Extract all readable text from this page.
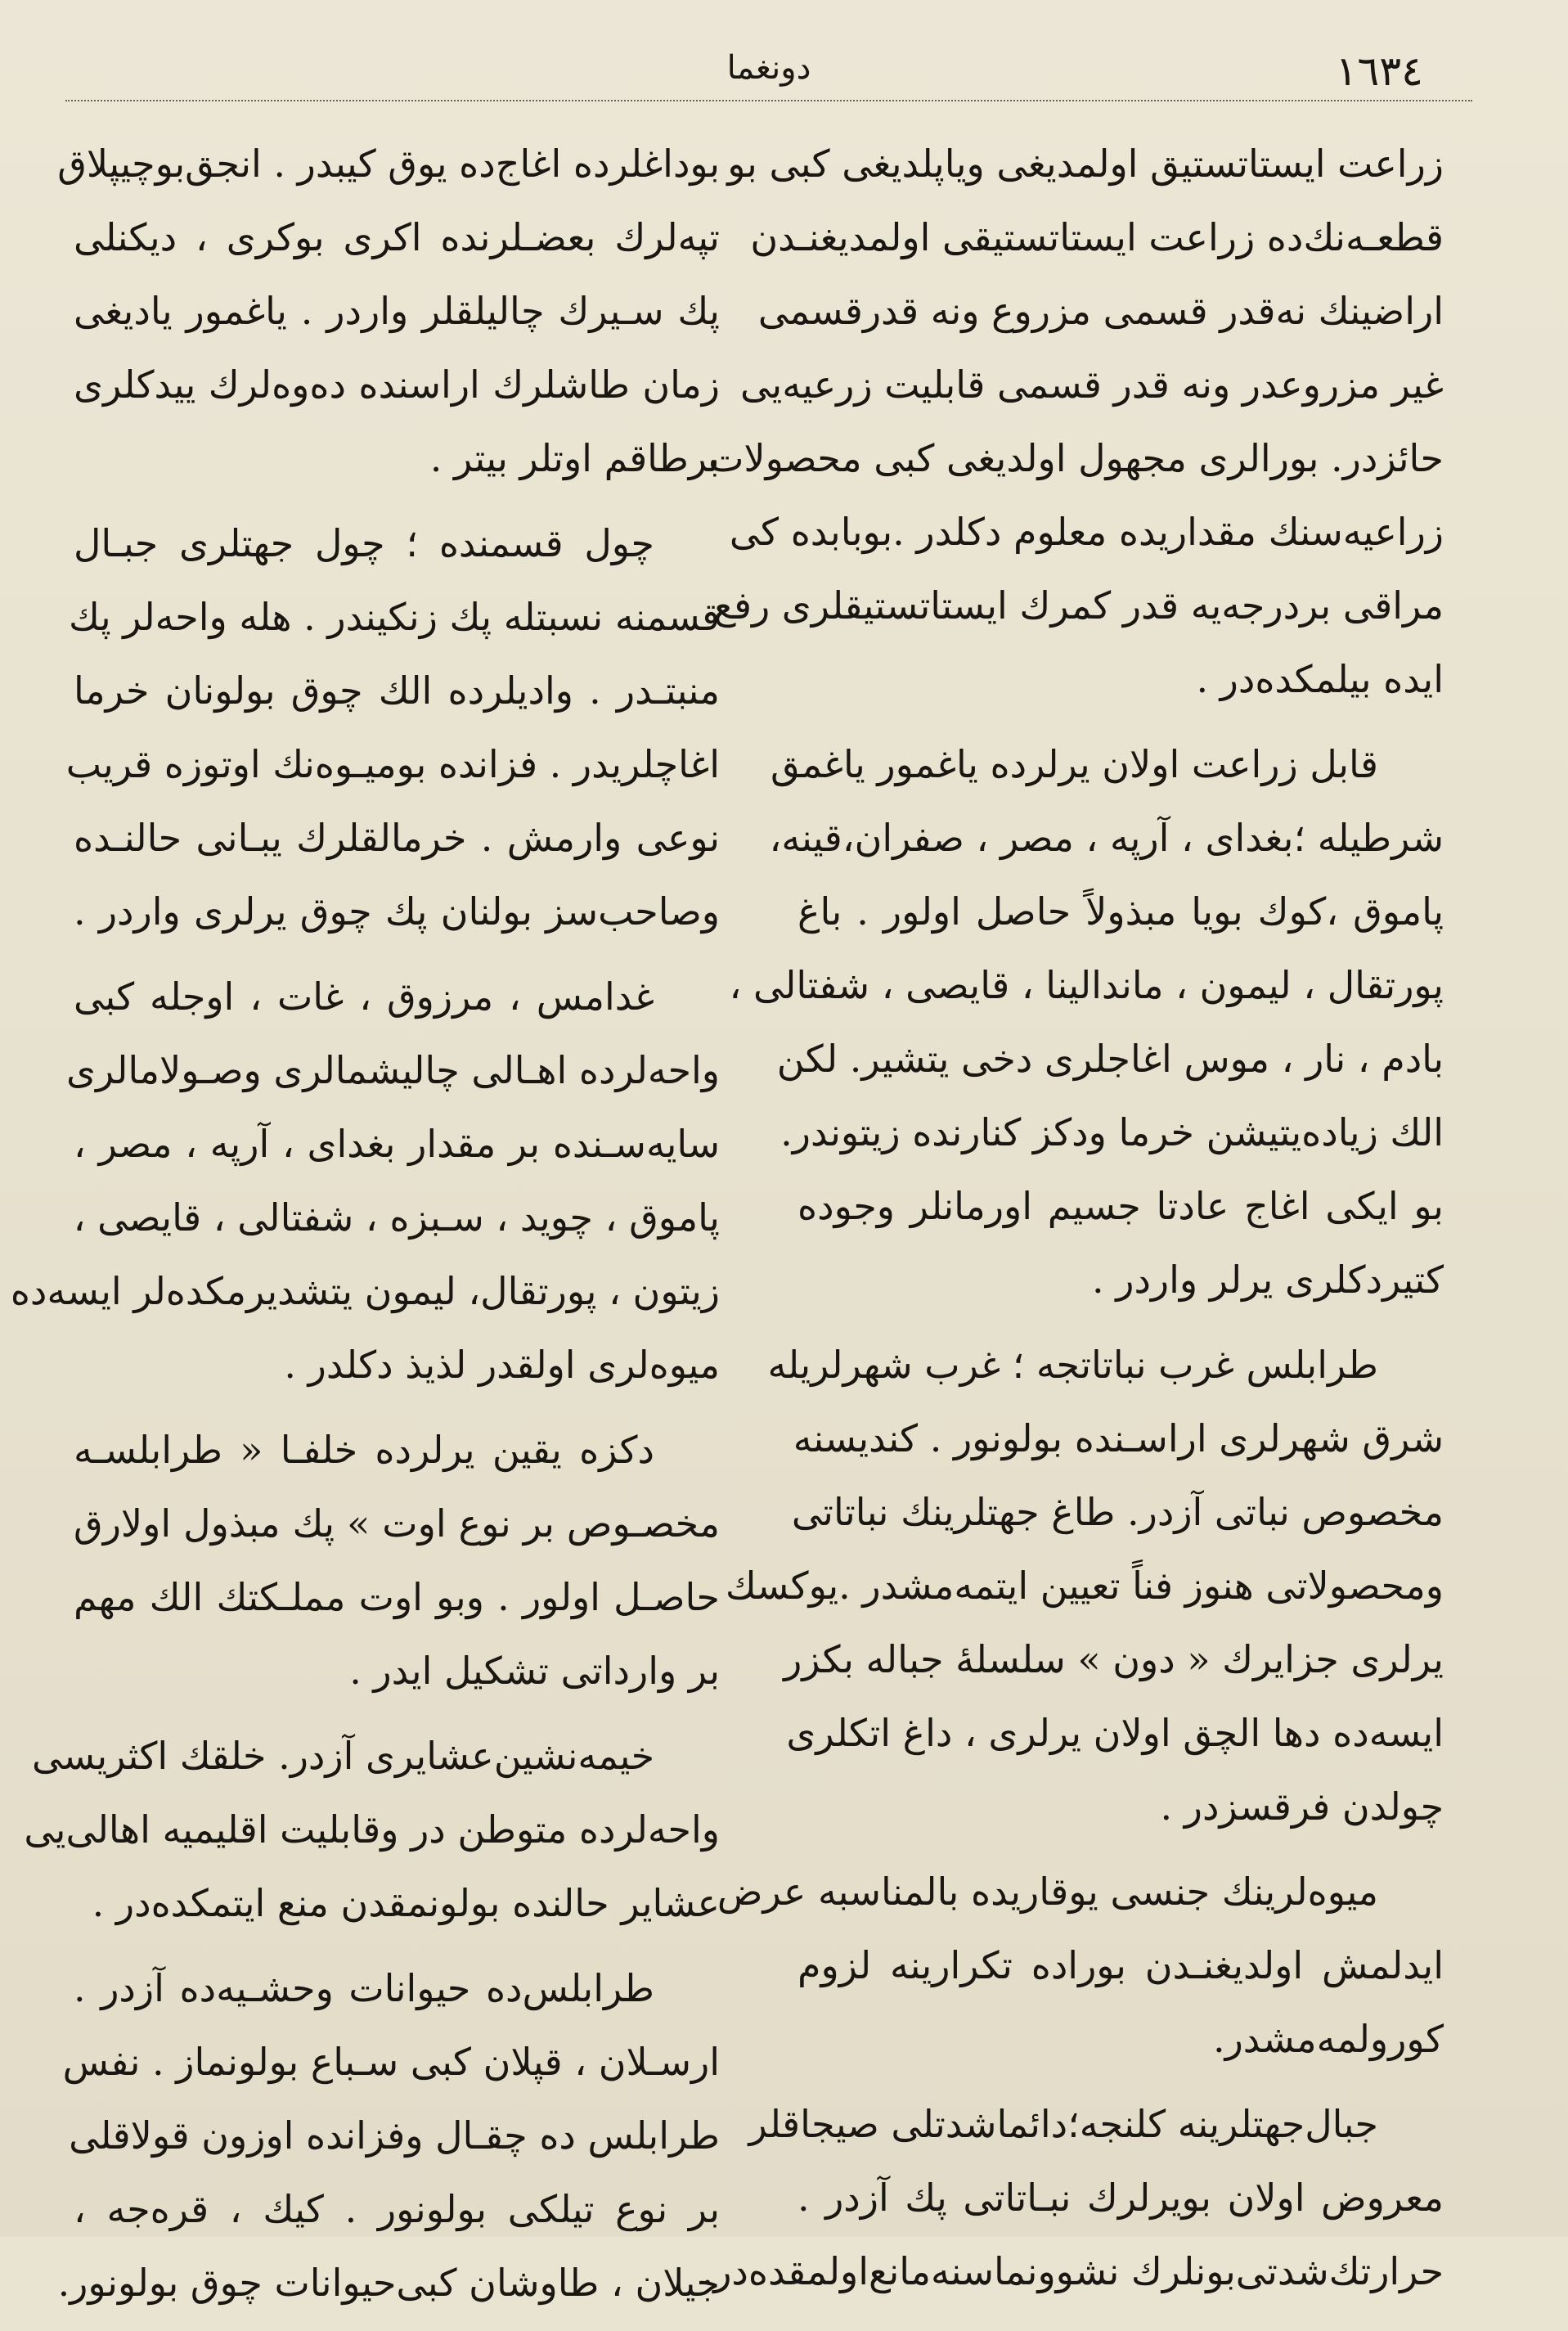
١٦٣٤
دونغما
زراعت ايستاتستيق اولمديغى وياپلديغى كبى بو
قطعـه‌نك‌ده زراعت ايستاتستيقى اولمديغنـدن
اراضينك نه‌قدر قسمى مزروع ونه قدرقسمى
غير مزروعدر ونه قدر قسمى قابليت زرعيه‌يى
حائزدر. بورالرى مجهول اولديغى كبى محصولات
زراعيه‌سنك مقداريده معلوم دكلدر .بوبابده كى
مراقى بردرجه‌يه قدر كمرك ايستاتستيقلرى رفع
ايده بيلمكده‌در .
قابل زراعت اولان يرلرده ياغمور ياغمق
شرطيله ؛بغداى ، آرپه ، مصر ، صفران،قينه،
پاموق ،كوك بويا مبذولاً حاصل اولور . باغ
پورتقال ، ليمون ، ماندالينا ، قايصى ، شفتالى ،
بادم ، نار ، موس اغاجلرى دخى يتشير. لكن
الك زياده‌يتيشن خرما ودكز كنارنده زيتوندر.
بو ايكى اغاج عادتا جسيم اورمانلر وجوده
كتيردكلرى يرلر واردر .
طرابلس غرب نباتاتجه ؛ غرب شهرلريله
شرق شهرلرى اراسـنده بولونور . كنديسنه
مخصوص نباتى آزدر. طاغ جهتلرينك نباتاتى
ومحصولاتى هنوز فناً تعيين ايتمه‌مشدر .يوكسك
يرلرى جزايرك « دون » سلسلهٔ جباله بكزر
ايسه‌ده دها الچق اولان يرلرى ، داغ اتكلرى
چولدن فرقسزدر .
ميوه‌لرينك جنسى يوقاريده بالمناسبه عرض
ايدلمش اولديغنـدن بوراده تكرارينه لزوم
كورولمه‌مشدر.
جبال‌جهتلرينه كلنجه؛دائماشدتلى صيجاقلر
معروض اولان بويرلرك نبـاتاتى پك آزدر .
حرارتك‌شدتى‌بونلرك نشوونماسنه‌مانع‌اولمقده‌در.
بوداغلرده اغاج‌ده يوق كيبدر . انجق‌بوچيپلاق
تپه‌لرك بعضـلرنده اكرى بوكرى ، ديكنلى
پك سـيرك چاليلقلر واردر . ياغمور ياديغى
زمان طاشلرك اراسنده ده‌وه‌لرك ييدكلرى
برطاقم اوتلر بيتر .
چول قسمنده ؛ چول جهتلرى جبـال
قسمنه نسبتله پك زنكيندر . هله واحه‌لر پك
منبتـدر . واديلرده الك چوق بولونان خرما
اغاچلريدر . فزانده بوميـوه‌نك اوتوزه قريب
نوعى وارمش . خرمالقلرك يبـانى حالنـده
وصاحب‌سز بولنان پك چوق يرلرى واردر .
غدامس ، مرزوق ، غات ، اوجله كبى
واحه‌لرده اهـالى چاليشمالرى وصـولامالرى
سايه‌سـنده بر مقدار بغداى ، آرپه ، مصر ،
پاموق ، چويد ، سـبزه ، شفتالى ، قايصى ،
زيتون ، پورتقال، ليمون يتشديرمكده‌لر ايسه‌ده
ميوه‌لرى اولقدر لذيذ دكلدر .
دكزه يقين يرلرده خلفـا « طرابلسـه
مخصـوص بر نوع اوت » پك مبذول اولارق
حاصـل اولور . وبو اوت مملـكتك الك مهم
بر وارداتى تشكيل ايدر .
خيمه‌نشين‌عشايرى آزدر. خلقك اكثريسى
واحه‌لرده متوطن در وقابليت اقليميه اهالى‌يى
عشاير حالنده بولونمقدن منع ايتمكده‌در .
طرابلس‌ده حيوانات وحشـيه‌ده آزدر .
ارسـلان ، قپلان كبى سـباع بولونماز . نفس
طرابلس ده چقـال وفزانده اوزون قولاقلى
بر نوع تيلكى بولونور . كيك ، قره‌جه ،
جيلان ، طاوشان كبى‌حيوانات چوق بولونور.
